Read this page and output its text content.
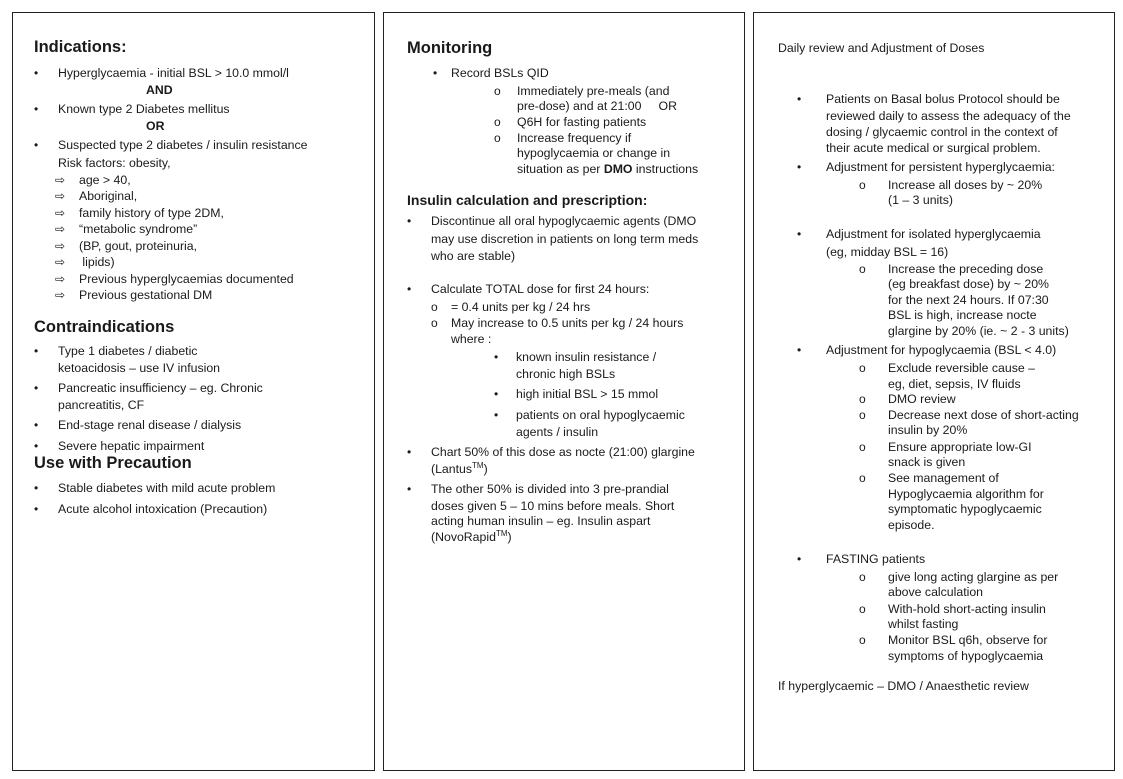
Indications:
• Hyperglycaemia - initial BSL > 10.0 mmol/l
AND
• Known type 2 Diabetes mellitus
OR
• Suspected type 2 diabetes / insulin resistance
Risk factors: obesity,
⇨ age > 40,
⇨ Aboriginal,
⇨ family history of type 2DM,
⇨ “metabolic syndrome”
⇨ (BP, gout, proteinuria,
⇨ lipids)
⇨ Previous hyperglycaemias documented
⇨ Previous gestational DM
Contraindications
• Type 1 diabetes / diabetic
ketoacidosis – use IV infusion
• Pancreatic insufficiency – eg. Chronic
pancreatitis, CF
• End-stage renal disease / dialysis
• Severe hepatic impairment
Use with Precaution
• Stable diabetes with mild acute problem
• Acute alcohol intoxication (Precaution)
Monitoring
• Record BSLs QID
o Immediately pre-meals (and
pre-dose) and at 21:00     OR
o Q6H for fasting patients
o Increase frequency if
hypoglycaemia or change in
situation as per DMO instructions
Insulin calculation and prescription:
• Discontinue all oral hypoglycaemic agents (DMO
may use discretion in patients on long term meds
who are stable)
• Calculate TOTAL dose for first 24 hours:
o = 0.4 units per kg / 24 hrs
o May increase to 0.5 units per kg / 24 hours
where :
• known insulin resistance /
chronic high BSLs
• high initial BSL > 15 mmol
• patients on oral hypoglycaemic
agents / insulin
• Chart 50% of this dose as nocte (21:00) glargine
(Lantus™)
• The other 50% is divided into 3 pre-prandial
doses given 5 – 10 mins before meals. Short
acting human insulin – eg. Insulin aspart
(NovoRapid™)
Daily review and Adjustment of Doses
• Patients on Basal bolus Protocol should be
reviewed daily to assess the adequacy of the
dosing / glycaemic control in the context of
their acute medical or surgical problem.
• Adjustment for persistent hyperglycaemia:
o Increase all doses by ~ 20%
(1 – 3 units)
• Adjustment for isolated hyperglycaemia
(eg, midday BSL = 16)
o Increase the preceding dose
(eg breakfast dose) by ~ 20%
for the next 24 hours. If 07:30
BSL is high, increase nocte
glargine by 20% (ie. ~ 2 - 3 units)
• Adjustment for hypoglycaemia (BSL < 4.0)
o Exclude reversible cause –
eg, diet, sepsis, IV fluids
o DMO review
o Decrease next dose of short-acting
insulin by 20%
o Ensure appropriate low-GI
snack is given
o See management of
Hypoglycaemia algorithm for
symptomatic hypoglycaemic
episode.
• FASTING patients
o give long acting glargine as per
above calculation
o With-hold short-acting insulin
whilst fasting
o Monitor BSL q6h, observe for
symptoms of hypoglycaemia
If hyperglycaemic – DMO / Anaesthetic review
